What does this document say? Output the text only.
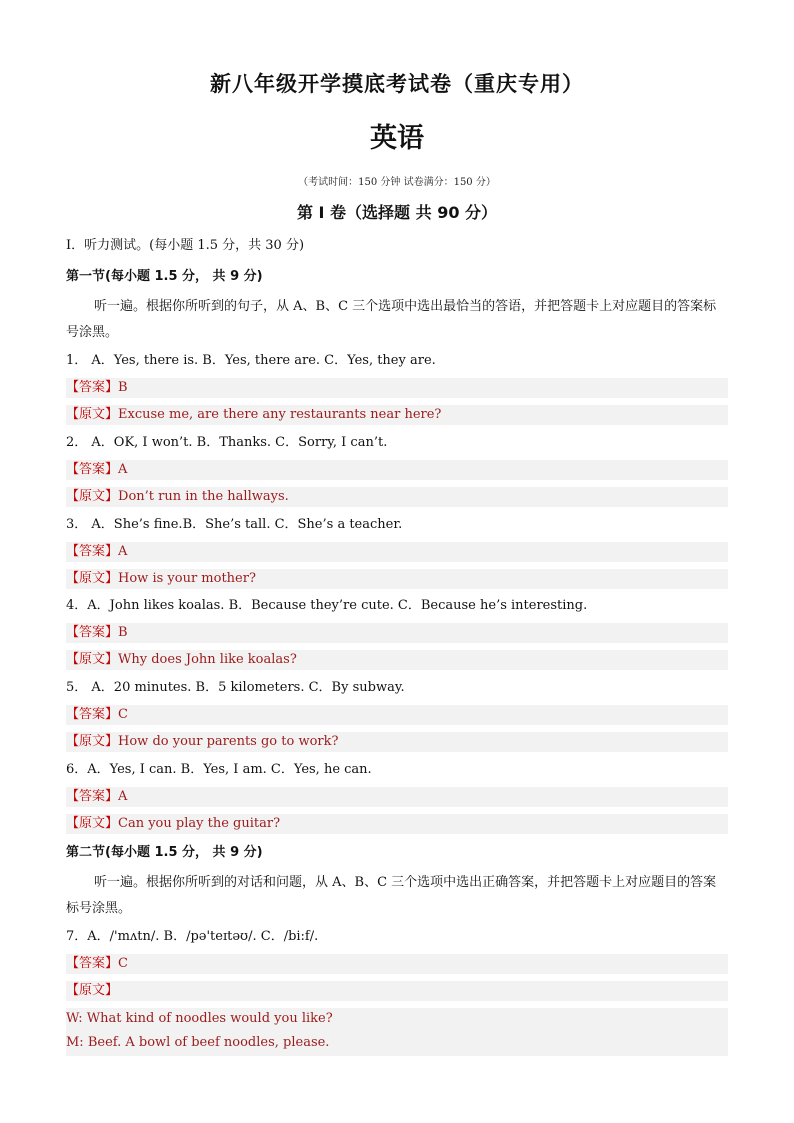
新八年级开学摸底考试卷（重庆专用）
英语
（考试时间：150 分钟 试卷满分：150 分）
第 I 卷（选择题 共 90 分）
Ⅰ．听力测试。(每小题 1.5 分，共 30 分)
第一节(每小题 1.5 分， 共 9 分)
听一遍。根据你所听到的句子，从 A、B、C 三个选项中选出最恰当的答语，并把答题卡上对应题目的答案标号涂黑。
1． A．Yes, there is. B．Yes, there are. C．Yes, they are.
【答案】B
【原文】Excuse me, are there any restaurants near here?
2． A．OK, I won’t. B．Thanks. C．Sorry, I can’t.
【答案】A
【原文】Don’t run in the hallways.
3． A．She’s fine.B．She’s tall. C．She’s a teacher.
【答案】A
【原文】How is your mother?
4．A．John likes koalas. B．Because they’re cute. C．Because he’s interesting.
【答案】B
【原文】Why does John like koalas?
5． A．20 minutes. B．5 kilometers. C．By subway.
【答案】C
【原文】How do your parents go to work?
6．A．Yes, I can. B．Yes, I am. C．Yes, he can.
【答案】A
【原文】Can you play the guitar?
第二节(每小题 1.5 分， 共 9 分)
听一遍。根据你所听到的对话和问题，从 A、B、C 三个选项中选出正确答案，并把答题卡上对应题目的答案标号涂黑。
7．A．/'mʌtn/. B．/pə'teɪtəʊ/. C．/bi:f/.
【答案】C
【原文】
W: What kind of noodles would you like?
M: Beef. A bowl of beef noodles, please.
